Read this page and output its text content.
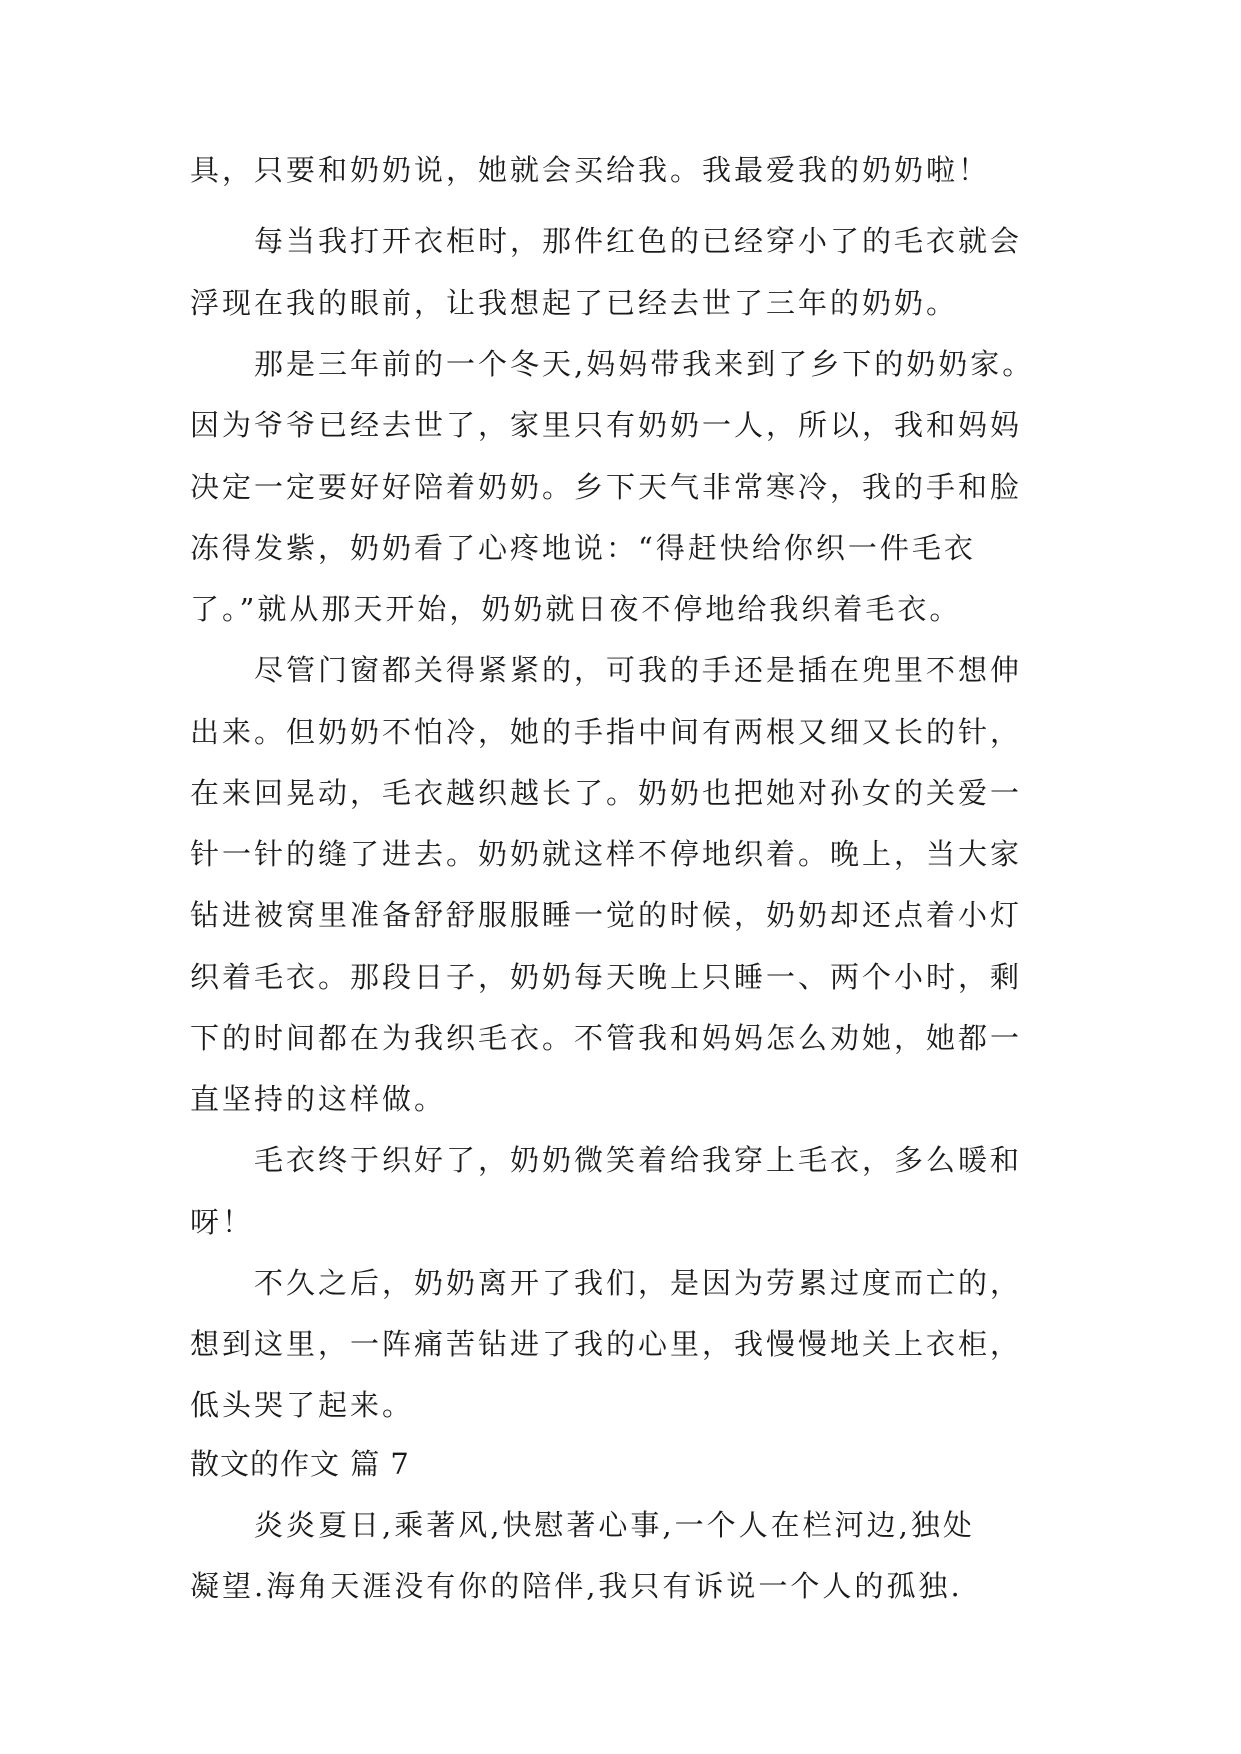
具，只要和奶奶说，她就会买给我。我最爱我的奶奶啦！
每当我打开衣柜时，那件红色的已经穿小了的毛衣就会
浮现在我的眼前，让我想起了已经去世了三年的奶奶。
那是三年前的一个冬天,妈妈带我来到了乡下的奶奶家。
因为爷爷已经去世了，家里只有奶奶一人，所以，我和妈妈
决定一定要好好陪着奶奶。乡下天气非常寒冷，我的手和脸
冻得发紫，奶奶看了心疼地说：“得赶快给你织一件毛衣
了。”就从那天开始，奶奶就日夜不停地给我织着毛衣。
尽管门窗都关得紧紧的，可我的手还是插在兜里不想伸
出来。但奶奶不怕冷，她的手指中间有两根又细又长的针，
在来回晃动，毛衣越织越长了。奶奶也把她对孙女的关爱一
针一针的缝了进去。奶奶就这样不停地织着。晚上，当大家
钻进被窝里准备舒舒服服睡一觉的时候，奶奶却还点着小灯
织着毛衣。那段日子，奶奶每天晚上只睡一、两个小时，剩
下的时间都在为我织毛衣。不管我和妈妈怎么劝她，她都一
直坚持的这样做。
毛衣终于织好了，奶奶微笑着给我穿上毛衣，多么暖和
呀！
不久之后，奶奶离开了我们，是因为劳累过度而亡的，
想到这里，一阵痛苦钻进了我的心里，我慢慢地关上衣柜，
低头哭了起来。
散文的作文 篇 7
炎炎夏日,乘著风,快慰著心事,一个人在栏河边,独处
凝望.海角天涯没有你的陪伴,我只有诉说一个人的孤独.
